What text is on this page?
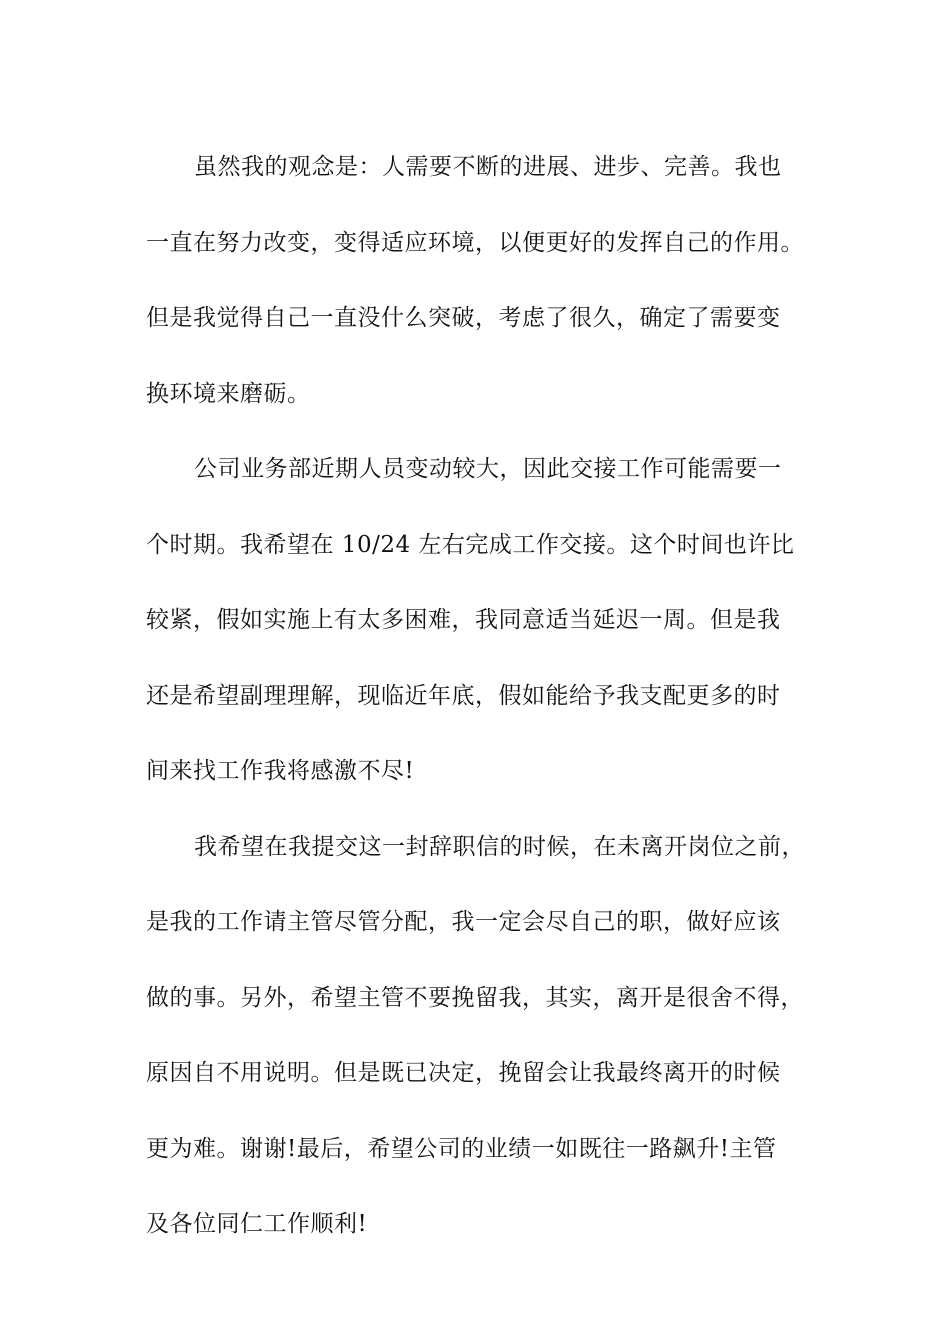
虽然我的观念是：人需要不断的进展、进步、完善。我也
一直在努力改变，变得适应环境，以便更好的发挥自己的作用。
但是我觉得自己一直没什么突破，考虑了很久，确定了需要变
换环境来磨砺。
公司业务部近期人员变动较大，因此交接工作可能需要一
个时期。我希望在 10/24 左右完成工作交接。这个时间也许比
较紧，假如实施上有太多困难，我同意适当延迟一周。但是我
还是希望副理理解，现临近年底，假如能给予我支配更多的时
间来找工作我将感激不尽!
我希望在我提交这一封辞职信的时候，在未离开岗位之前，
是我的工作请主管尽管分配，我一定会尽自己的职，做好应该
做的事。另外，希望主管不要挽留我，其实，离开是很舍不得，
原因自不用说明。但是既已决定，挽留会让我最终离开的时候
更为难。谢谢!最后，希望公司的业绩一如既往一路飙升!主管
及各位同仁工作顺利!
